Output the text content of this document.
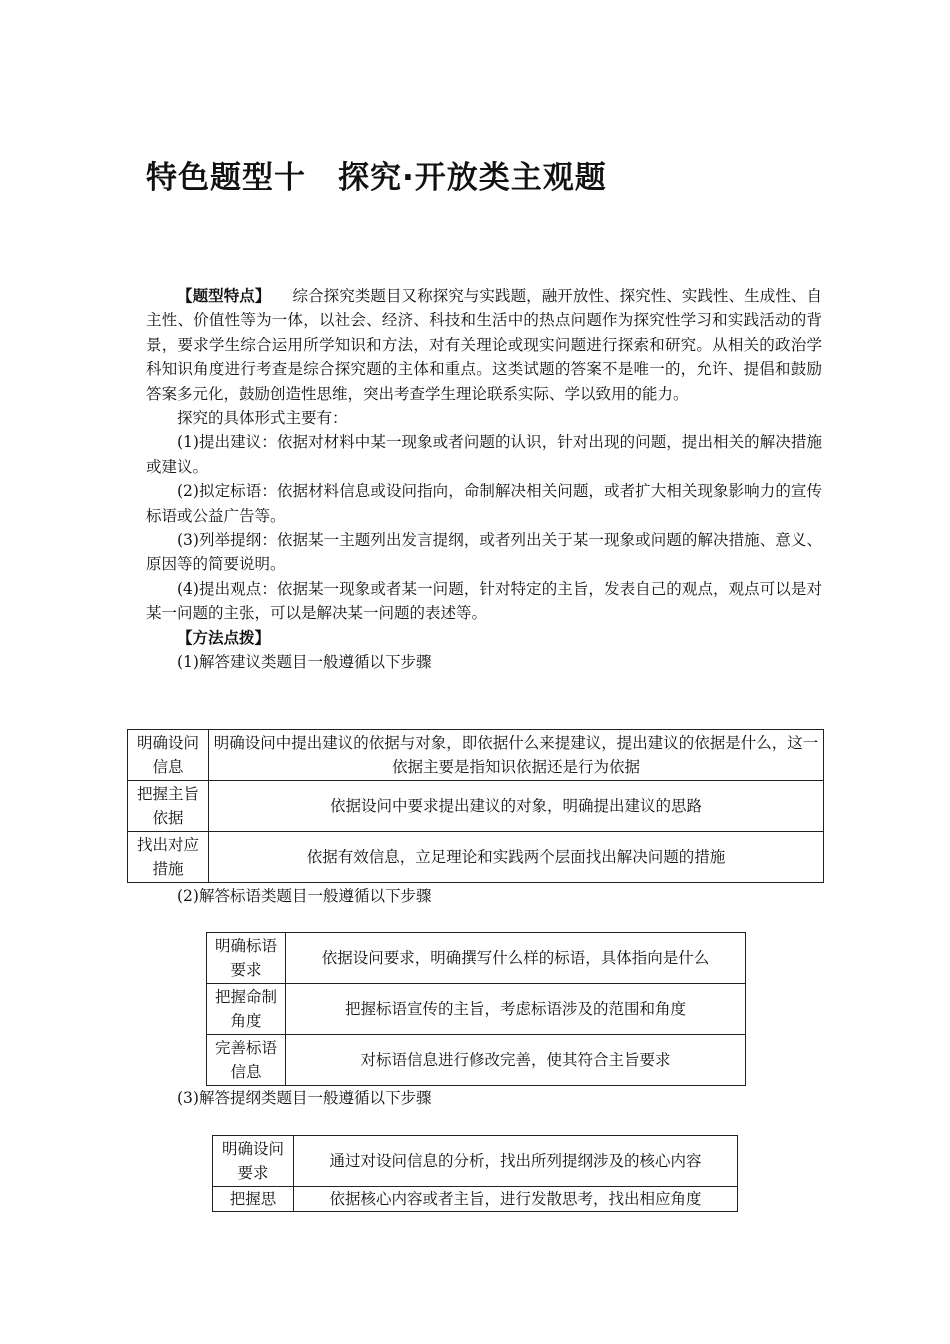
特色题型十　探究·开放类主观题

【题型特点】 综合探究类题目又称探究与实践题，融开放性、探究性、实践性、生成性、自主性、价值性等为一体，以社会、经济、科技和生活中的热点问题作为探究性学习和实践活动的背景，要求学生综合运用所学知识和方法，对有关理论或现实问题进行探索和研究。从相关的政治学科知识角度进行考查是综合探究题的主体和重点。这类试题的答案不是唯一的，允许、提倡和鼓励答案多元化，鼓励创造性思维，突出考查学生理论联系实际、学以致用的能力。

探究的具体形式主要有：

(1)提出建议：依据对材料中某一现象或者问题的认识，针对出现的问题，提出相关的解决措施或建议。

(2)拟定标语：依据材料信息或设问指向，命制解决相关问题，或者扩大相关现象影响力的宣传标语或公益广告等。

(3)列举提纲：依据某一主题列出发言提纲，或者列出关于某一现象或问题的解决措施、意义、原因等的简要说明。

(4)提出观点：依据某一现象或者某一问题，针对特定的主旨，发表自己的观点，观点可以是对某一问题的主张，可以是解决某一问题的表述等。

【方法点拨】

(1)解答建议类题目一般遵循以下步骤

明确设问信息	明确设问中提出建议的依据与对象，即依据什么来提建议，提出建议的依据是什么，这一依据主要是指知识依据还是行为依据
把握主旨依据	依据设问中要求提出建议的对象，明确提出建议的思路
找出对应措施	依据有效信息，立足理论和实践两个层面找出解决问题的措施

(2)解答标语类题目一般遵循以下步骤

明确标语要求	依据设问要求，明确撰写什么样的标语，具体指向是什么
把握命制角度	把握标语宣传的主旨，考虑标语涉及的范围和角度
完善标语信息	对标语信息进行修改完善，使其符合主旨要求

(3)解答提纲类题目一般遵循以下步骤

明确设问要求	通过对设问信息的分析，找出所列提纲涉及的核心内容
把握思	依据核心内容或者主旨，进行发散思考，找出相应角度
